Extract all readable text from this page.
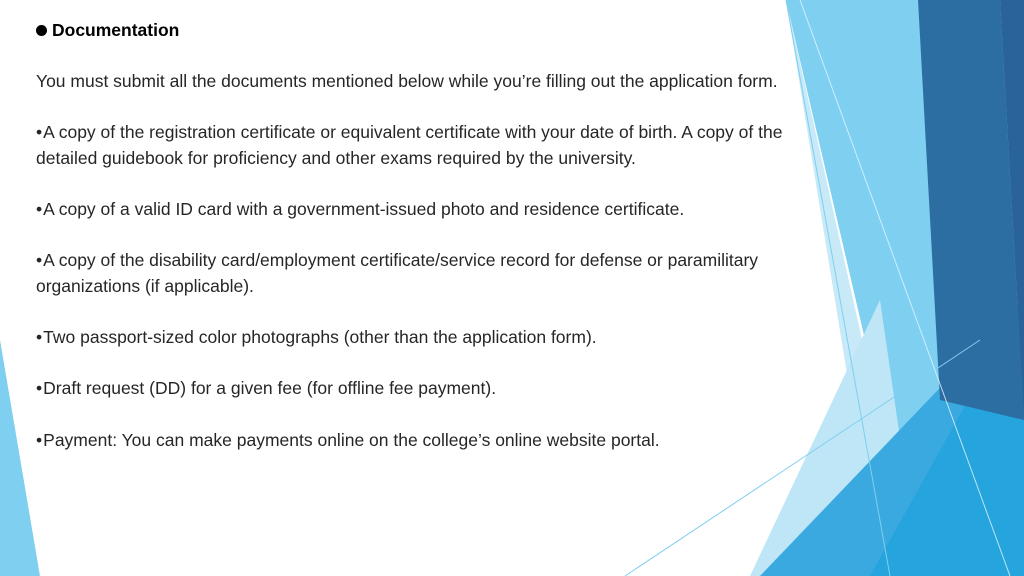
Documentation
You must submit all the documents mentioned below while you’re filling out the application form.
•A copy of the registration certificate or equivalent certificate with your date of birth. A copy of the detailed guidebook for proficiency and other exams required by the university.
•A copy of a valid ID card with a government-issued photo and residence certificate.
•A copy of the disability card/employment certificate/service record for defense or paramilitary organizations (if applicable).
•Two passport-sized color photographs (other than the application form).
•Draft request (DD) for a given fee (for offline fee payment).
•Payment: You can make payments online on the college’s online website portal.
